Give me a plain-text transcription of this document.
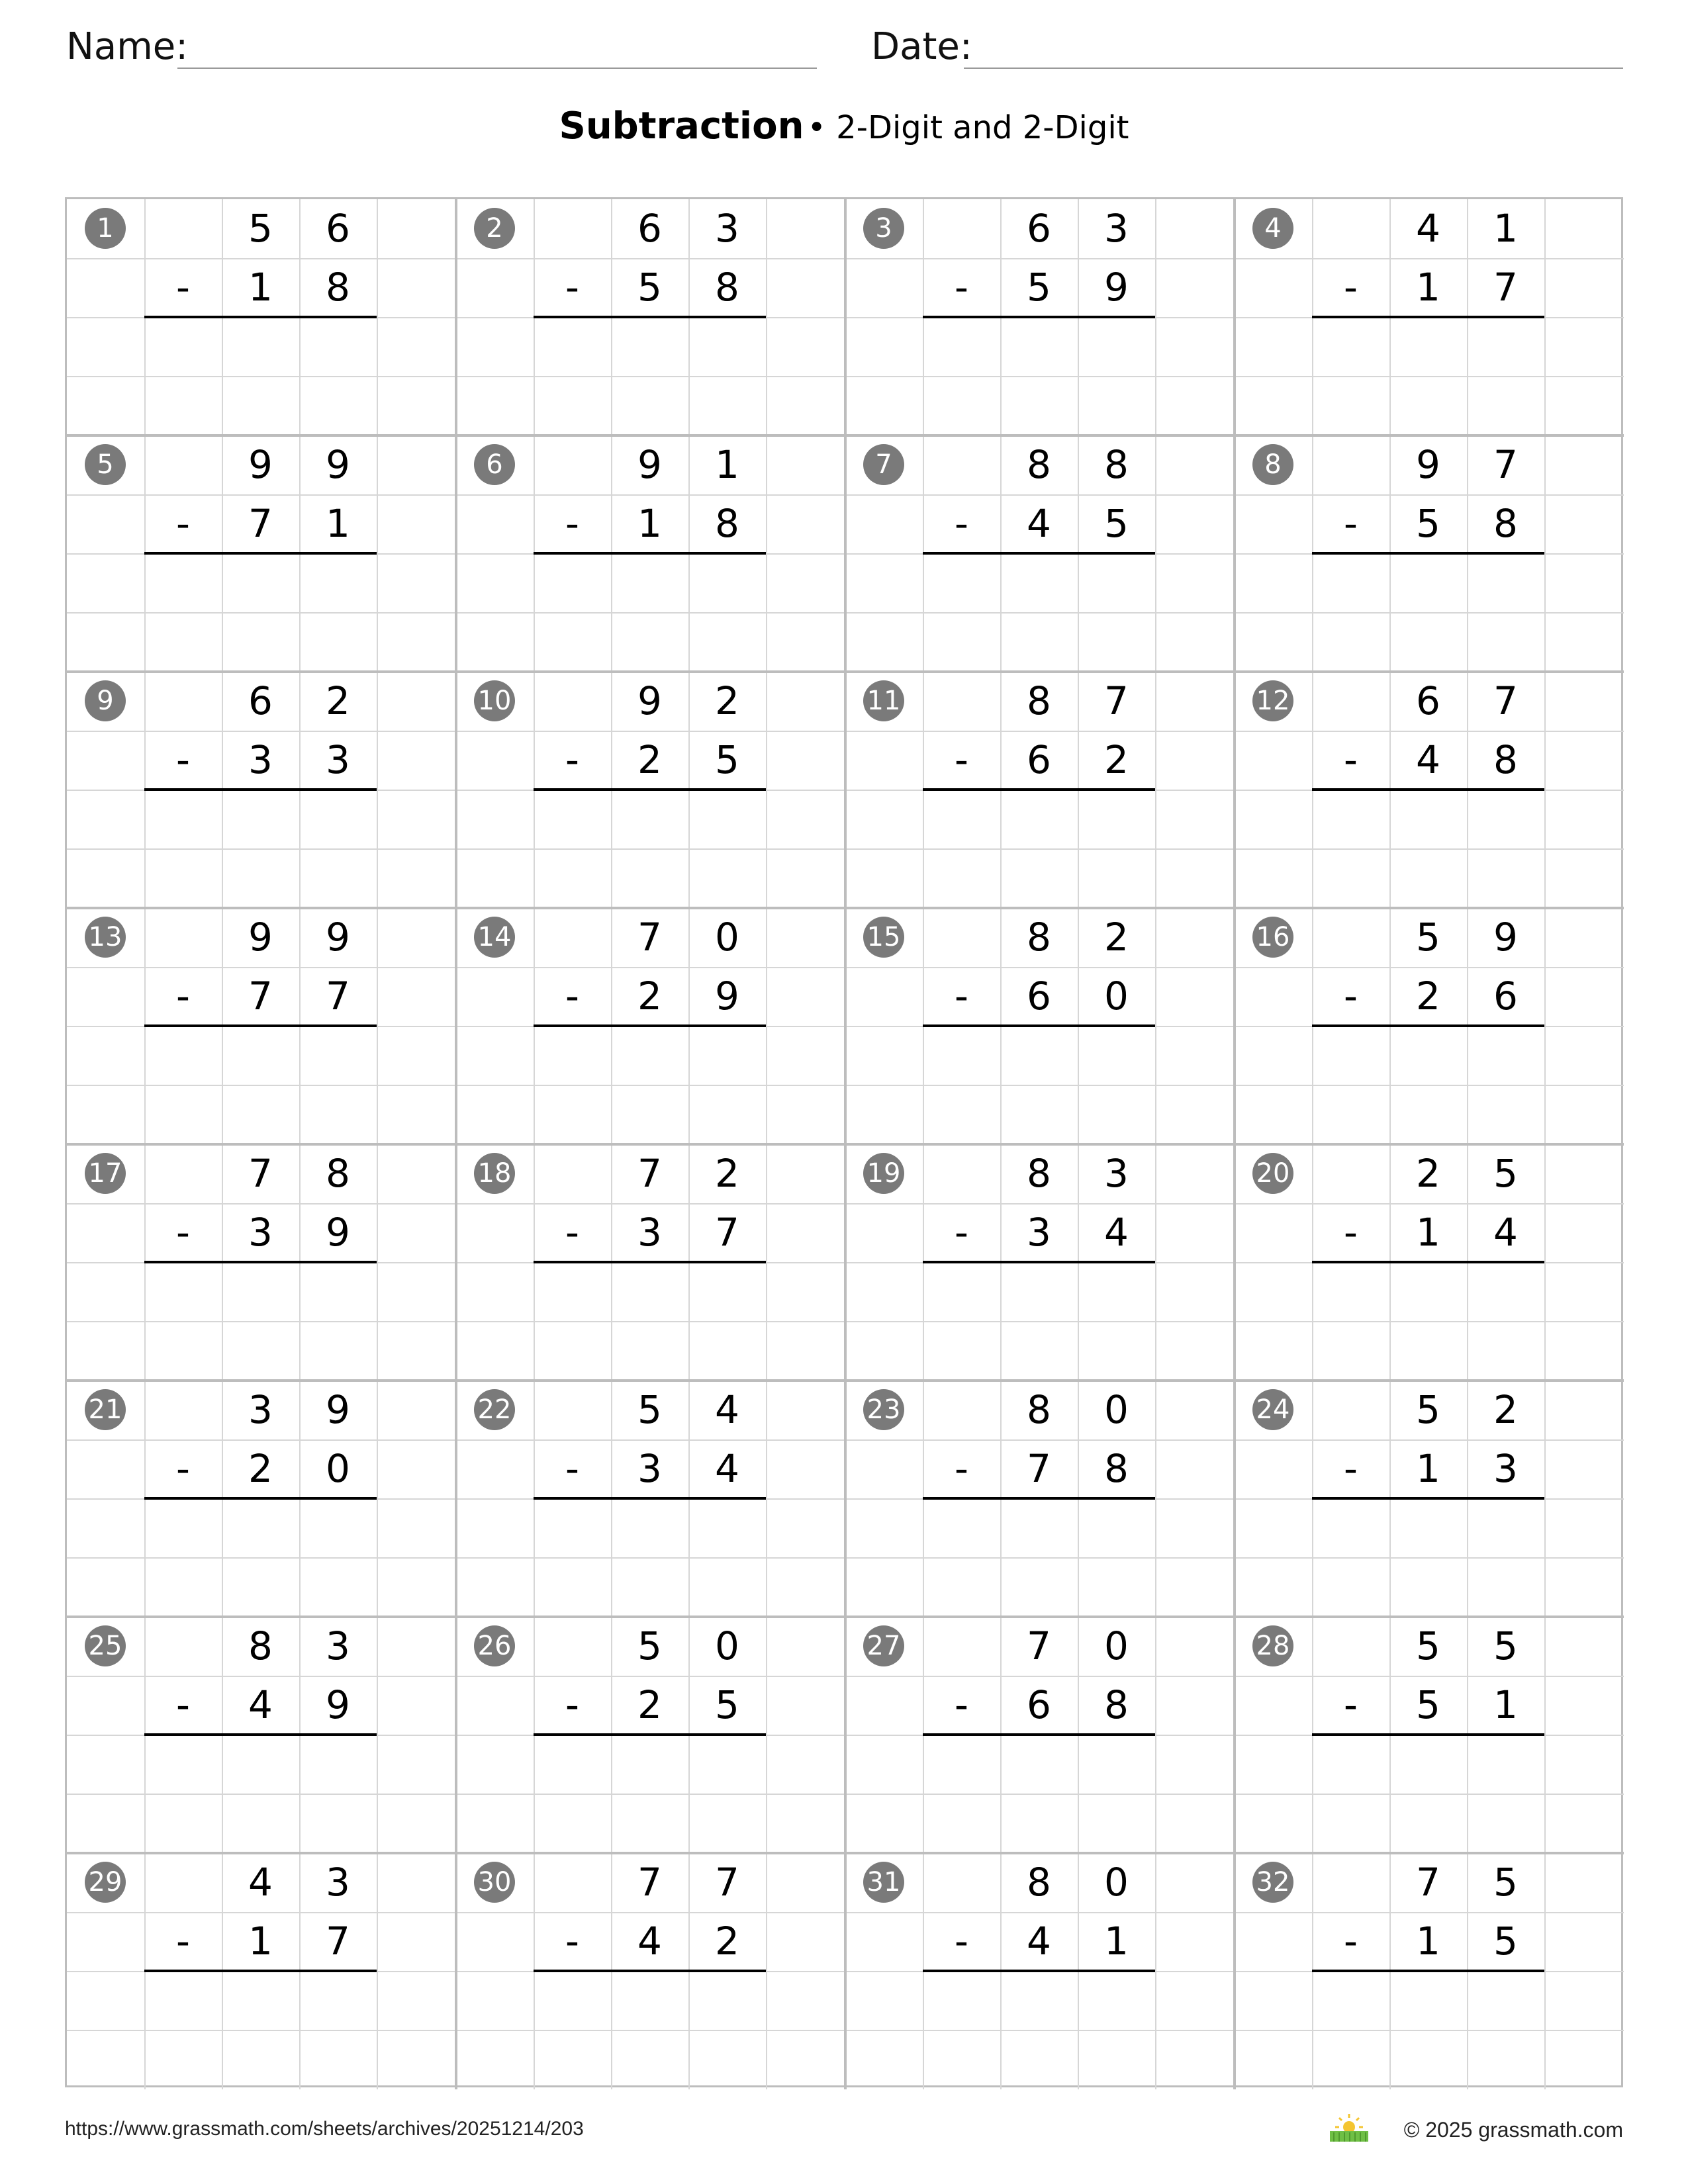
Name:	Date:
Subtraction • 2-Digit and 2-Digit
1	5	6
-	1	8
2	6	3
-	5	8
3	6	3
-	5	9
4	4	1
-	1	7
5	9	9
-	7	1
6	9	1
-	1	8
7	8	8
-	4	5
8	9	7
-	5	8
9	6	2
-	3	3
10	9	2
-	2	5
11	8	7
-	6	2
12	6	7
-	4	8
13	9	9
-	7	7
14	7	0
-	2	9
15	8	2
-	6	0
16	5	9
-	2	6
17	7	8
-	3	9
18	7	2
-	3	7
19	8	3
-	3	4
20	2	5
-	1	4
21	3	9
-	2	0
22	5	4
-	3	4
23	8	0
-	7	8
24	5	2
-	1	3
25	8	3
-	4	9
26	5	0
-	2	5
27	7	0
-	6	8
28	5	5
-	5	1
29	4	3
-	1	7
30	7	7
-	4	2
31	8	0
-	4	1
32	7	5
-	1	5
https://www.grassmath.com/sheets/archives/20251214/203	© 2025 grassmath.com
